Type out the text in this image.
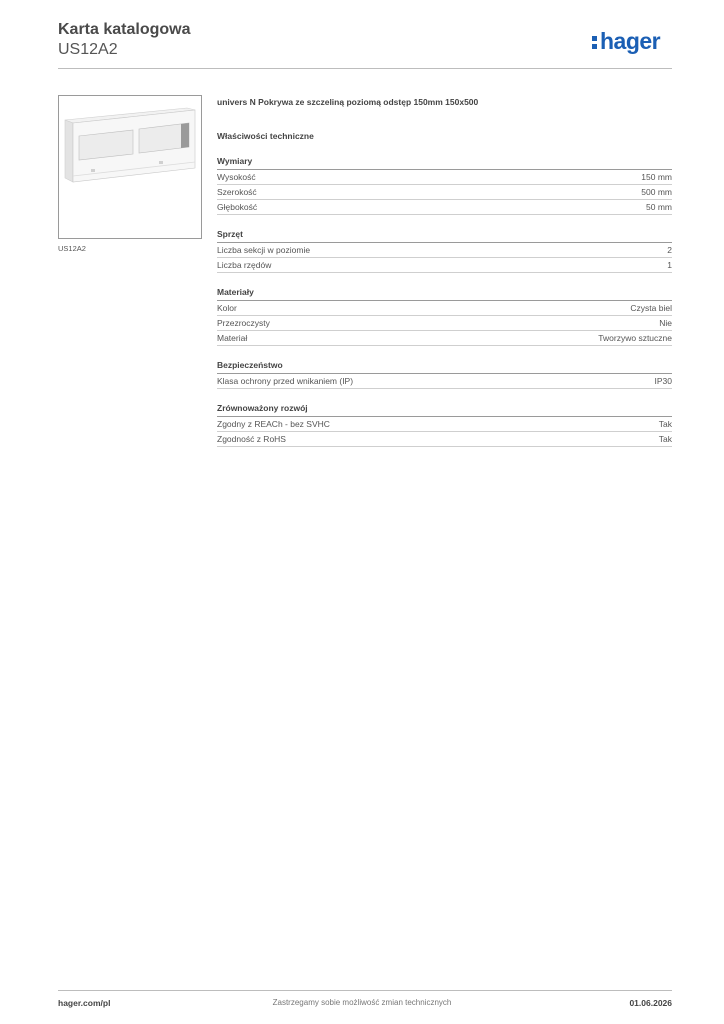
Karta katalogowa
US12A2	hager
US12A2
univers N Pokrywa ze szczeliną poziomą odstęp 150mm 150x500
Właściwości techniczne
Wymiary
Wysokość	150 mm
Szerokość	500 mm
Głębokość	50 mm
Sprzęt
Liczba sekcji w poziomie	2
Liczba rzędów	1
Materiały
Kolor	Czysta biel
Przezroczysty	Nie
Materiał	Tworzywo sztuczne
Bezpieczeństwo
Klasa ochrony przed wnikaniem (IP)	IP30
Zrównoważony rozwój
Zgodny z REACh - bez SVHC	Tak
Zgodność z RoHS	Tak
hager.com/pl	Zastrzegamy sobie możliwość zmian technicznych	01.06.2026
